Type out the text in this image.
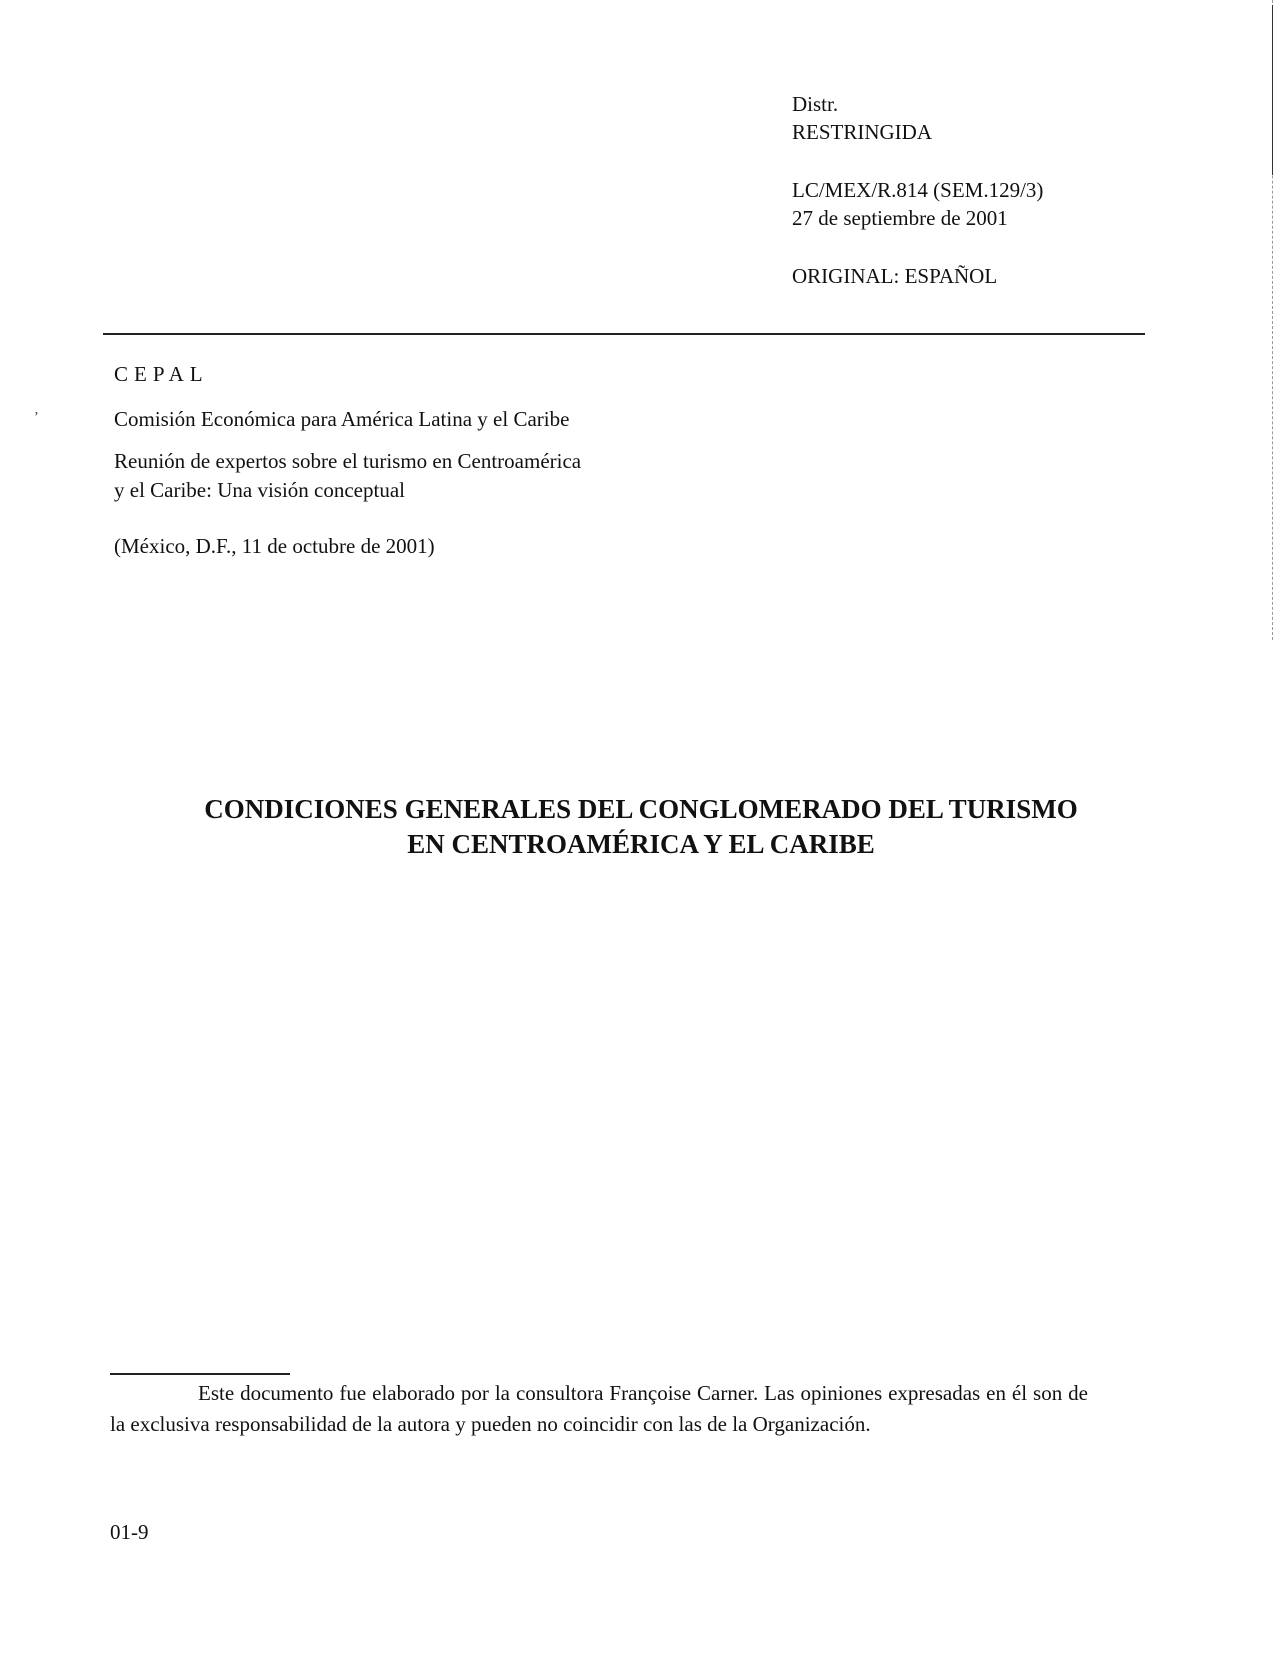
Distr.
RESTRINGIDA
LC/MEX/R.814 (SEM.129/3)
27 de septiembre de 2001
ORIGINAL: ESPAÑOL
CEPAL
Comisión Económica para América Latina y el Caribe
Reunión de expertos sobre el turismo en Centroamérica
y el Caribe: Una visión conceptual
(México, D.F., 11 de octubre de 2001)
ʼ
CONDICIONES GENERALES DEL CONGLOMERADO DEL TURISMO
EN CENTROAMÉRICA Y EL CARIBE
Este documento fue elaborado por la consultora Françoise Carner. Las opiniones expresadas en él son de la exclusiva responsabilidad de la autora y pueden no coincidir con las de la Organización.
01-9
